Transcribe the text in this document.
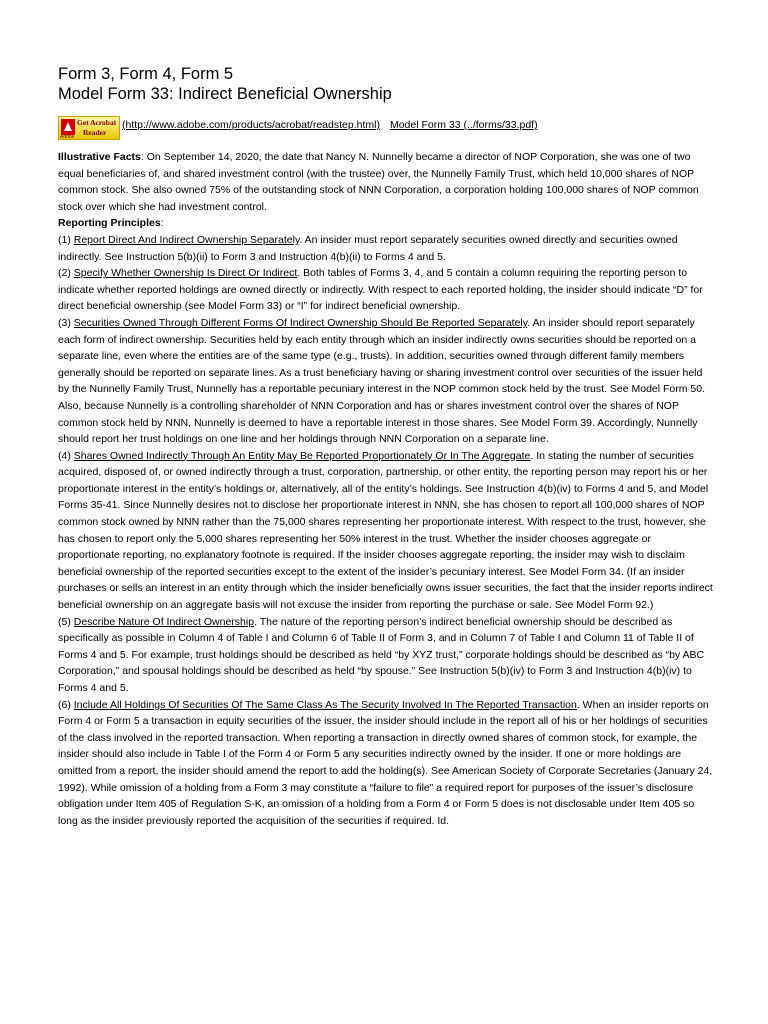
Form 3, Form 4, Form 5
Model Form 33: Indirect Beneficial Ownership
Get Acrobat
Reader
Adobe
(http://www.adobe.com/products/acrobat/readstep.html) Model Form 33 (../forms/33.pdf)

Illustrative Facts: On September 14, 2020, the date that Nancy N. Nunnelly became a director of NOP Corporation, she was one of two equal beneficiaries of, and shared investment control (with the trustee) over, the Nunnelly Family Trust, which held 10,000 shares of NOP common stock. She also owned 75% of the outstanding stock of NNN Corporation, a corporation holding 100,000 shares of NOP common stock over which she had investment control.

Reporting Principles:

(1) Report Direct And Indirect Ownership Separately. An insider must report separately securities owned directly and securities owned indirectly. See Instruction 5(b)(ii) to Form 3 and Instruction 4(b)(ii) to Forms 4 and 5.

(2) Specify Whether Ownership Is Direct Or Indirect. Both tables of Forms 3, 4, and 5 contain a column requiring the reporting person to indicate whether reported holdings are owned directly or indirectly. With respect to each reported holding, the insider should indicate “D” for direct beneficial ownership (see Model Form 33) or “I” for indirect beneficial ownership.

(3) Securities Owned Through Different Forms Of Indirect Ownership Should Be Reported Separately. An insider should report separately each form of indirect ownership. Securities held by each entity through which an insider indirectly owns securities should be reported on a separate line, even where the entities are of the same type (e.g., trusts). In addition, securities owned through different family members generally should be reported on separate lines. As a trust beneficiary having or sharing investment control over securities of the issuer held by the Nunnelly Family Trust, Nunnelly has a reportable pecuniary interest in the NOP common stock held by the trust. See Model Form 50. Also, because Nunnelly is a controlling shareholder of NNN Corporation and has or shares investment control over the shares of NOP common stock held by NNN, Nunnelly is deemed to have a reportable interest in those shares. See Model Form 39. Accordingly, Nunnelly should report her trust holdings on one line and her holdings through NNN Corporation on a separate line.

(4) Shares Owned Indirectly Through An Entity May Be Reported Proportionately Or In The Aggregate. In stating the number of securities acquired, disposed of, or owned indirectly through a trust, corporation, partnership, or other entity, the reporting person may report his or her proportionate interest in the entity’s holdings or, alternatively, all of the entity’s holdings. See Instruction 4(b)(iv) to Forms 4 and 5, and Model Forms 35-41. Since Nunnelly desires not to disclose her proportionate interest in NNN, she has chosen to report all 100,000 shares of NOP common stock owned by NNN rather than the 75,000 shares representing her proportionate interest. With respect to the trust, however, she has chosen to report only the 5,000 shares representing her 50% interest in the trust. Whether the insider chooses aggregate or proportionate reporting, no explanatory footnote is required. If the insider chooses aggregate reporting, the insider may wish to disclaim beneficial ownership of the reported securities except to the extent of the insider’s pecuniary interest. See Model Form 34. (If an insider purchases or sells an interest in an entity through which the insider beneficially owns issuer securities, the fact that the insider reports indirect beneficial ownership on an aggregate basis will not excuse the insider from reporting the purchase or sale. See Model Form 92.)

(5) Describe Nature Of Indirect Ownership. The nature of the reporting person’s indirect beneficial ownership should be described as specifically as possible in Column 4 of Table I and Column 6 of Table II of Form 3, and in Column 7 of Table I and Column 11 of Table II of Forms 4 and 5. For example, trust holdings should be described as held “by XYZ trust,” corporate holdings should be described as “by ABC Corporation,” and spousal holdings should be described as held “by spouse.” See Instruction 5(b)(iv) to Form 3 and Instruction 4(b)(iv) to Forms 4 and 5.

(6) Include All Holdings Of Securities Of The Same Class As The Security Involved In The Reported Transaction. When an insider reports on Form 4 or Form 5 a transaction in equity securities of the issuer, the insider should include in the report all of his or her holdings of securities of the class involved in the reported transaction. When reporting a transaction in directly owned shares of common stock, for example, the insider should also include in Table I of the Form 4 or Form 5 any securities indirectly owned by the insider. If one or more holdings are omitted from a report, the insider should amend the report to add the holding(s). See American Society of Corporate Secretaries (January 24, 1992). While omission of a holding from a Form 3 may constitute a “failure to file” a required report for purposes of the issuer’s disclosure obligation under Item 405 of Regulation S-K, an omission of a holding from a Form 4 or Form 5 does is not disclosable under Item 405 so long as the insider previously reported the acquisition of the securities if required. Id.
